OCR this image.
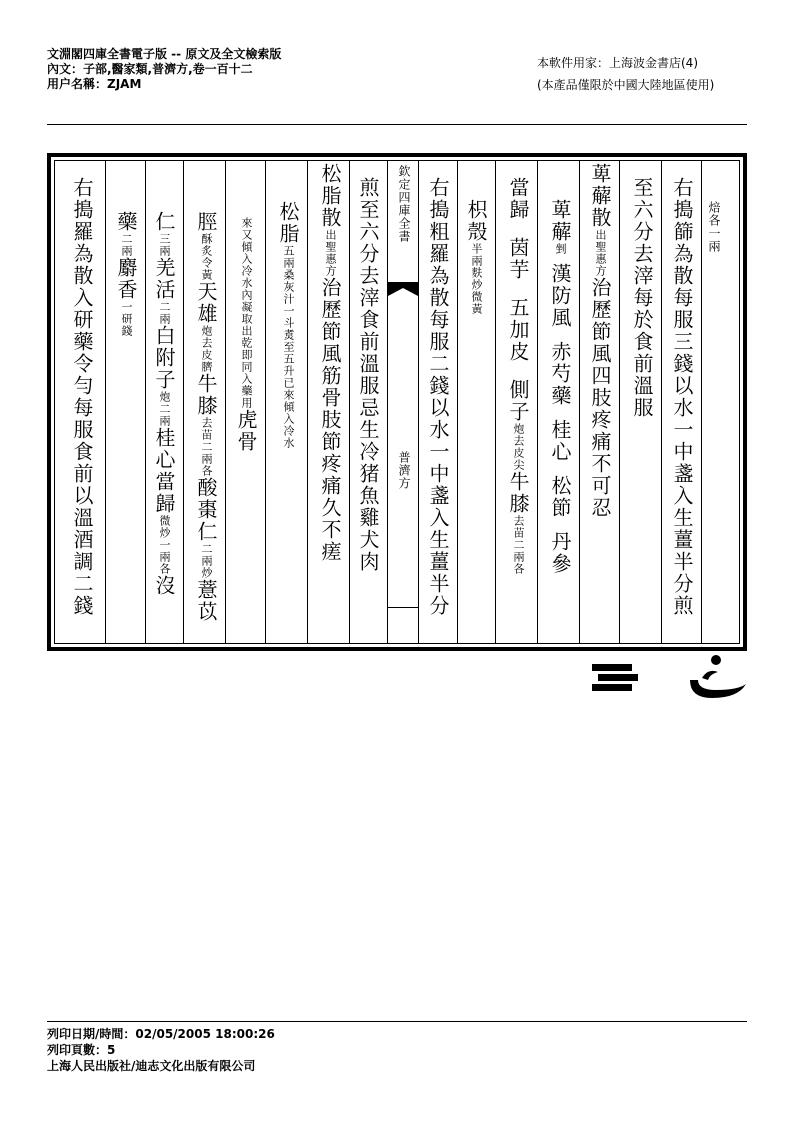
文淵閣四庫全書電子版 -- 原文及全文檢索版
內文：子部,醫家類,普濟方,卷一百十二
用户名稱：ZJAM
本軟件用家：上海波金書店(4)
(本產品僅限於中國大陸地區使用)
右搗羅為散入研藥令勻每服食前以溫酒調二錢	藥二兩麝香一研錢
仁三兩羌活二兩白附子炮二兩桂心當歸微炒一兩各沒
脛酥炙令黃天雄炮去皮臍牛膝去苗二兩各酸棗仁二兩炒薏苡
來又傾入冷水內凝取出乾即同入藥用虎骨
松脂五兩桑灰汁一斗煑至五升已來傾入冷水
松脂散出聖惠方治歷節風筋骨肢節疼痛久不瘥 煎至六分去滓食前溫服忌生冷猪魚雞犬肉	欽定四庫全書
普濟方 右搗粗羅為散每服二錢以水一中盞入生薑半分 枳殼半兩麩炒微黃
當歸茵芋五加皮側子炮去皮尖牛膝去苗二兩各
萆薢剉漢防風赤芍藥桂心松節丹參
萆薢散出聖惠方治歷節風四肢疼痛不可忍 至六分去滓每於食前溫服 右搗篩為散每服三錢以水一中盞入生薑半分煎	焙各一兩
列印日期/時間：02/05/2005 18:00:26
列印頁數：5
上海人民出版社/迪志文化出版有限公司
